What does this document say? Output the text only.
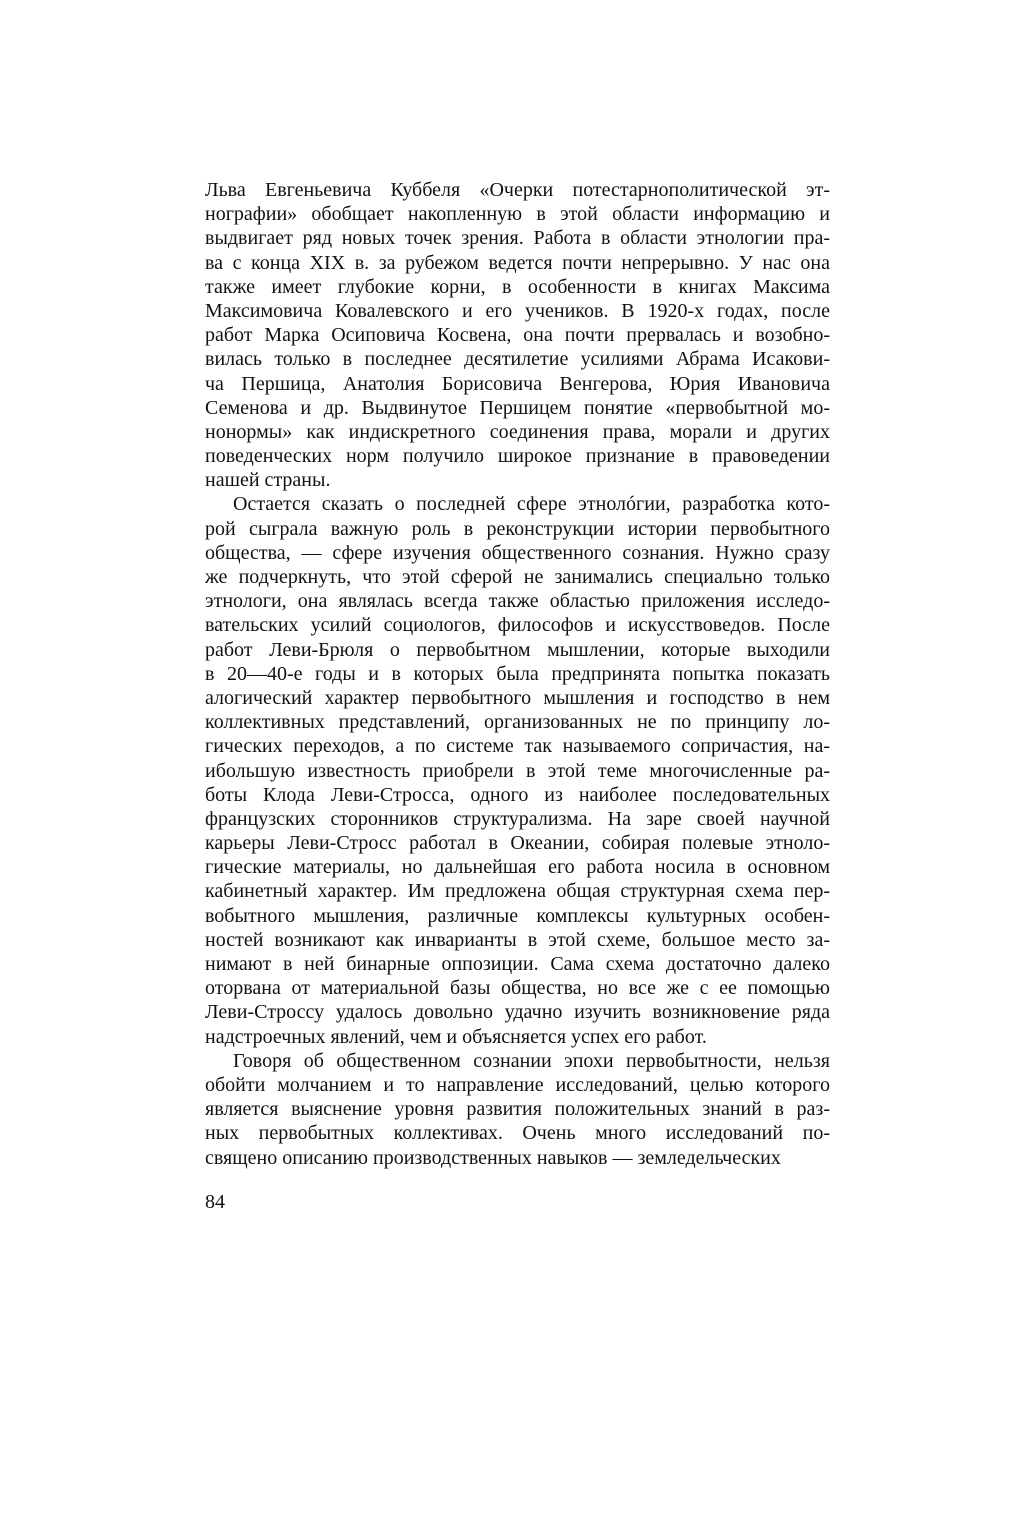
Льва Евгеньевича Куббеля «Очерки потестарнополитической эт-
нографии» обобщает накопленную в этой области информацию и
выдвигает ряд новых точек зрения. Работа в области этнологии пра-
ва с конца XIX в. за рубежом ведется почти непрерывно. У нас она
также имеет глубокие корни, в особенности в книгах Максима
Максимовича Ковалевского и его учеников. В 1920-х годах, после
работ Марка Осиповича Косвена, она почти прервалась и возобно-
вилась только в последнее десятилетие усилиями Абрама Исакови-
ча Першица, Анатолия Борисовича Венгерова, Юрия Ивановича
Семенова и др. Выдвинутое Першицем понятие «первобытной мо-
нонормы» как индискретного соединения права, морали и других
поведенческих норм получило широкое признание в правоведении
нашей страны.
Остается сказать о последней сфере этнолóгии, разработка кото-
рой сыграла важную роль в реконструкции истории первобытного
общества, — сфере изучения общественного сознания. Нужно сразу
же подчеркнуть, что этой сферой не занимались специально только
этнологи, она являлась всегда также областью приложения исследо-
вательских усилий социологов, философов и искусствоведов. После
работ Леви-Брюля о первобытном мышлении, которые выходили
в 20—40-е годы и в которых была предпринята попытка показать
алогический характер первобытного мышления и господство в нем
коллективных представлений, организованных не по принципу ло-
гических переходов, а по системе так называемого сопричастия, на-
ибольшую известность приобрели в этой теме многочисленные ра-
боты Клода Леви-Стросса, одного из наиболее последовательных
французских сторонников структурализма. На заре своей научной
карьеры Леви-Стросс работал в Океании, собирая полевые этноло-
гические материалы, но дальнейшая его работа носила в основном
кабинетный характер. Им предложена общая структурная схема пер-
вобытного мышления, различные комплексы культурных особен-
ностей возникают как инварианты в этой схеме, большое место за-
нимают в ней бинарные оппозиции. Сама схема достаточно далеко
оторвана от материальной базы общества, но все же с ее помощью
Леви-Строссу удалось довольно удачно изучить возникновение ряда
надстроечных явлений, чем и объясняется успех его работ.
Говоря об общественном сознании эпохи первобытности, нельзя
обойти молчанием и то направление исследований, целью которого
является выяснение уровня развития положительных знаний в раз-
ных первобытных коллективах. Очень много исследований по-
священо описанию производственных навыков — земледельческих
84
